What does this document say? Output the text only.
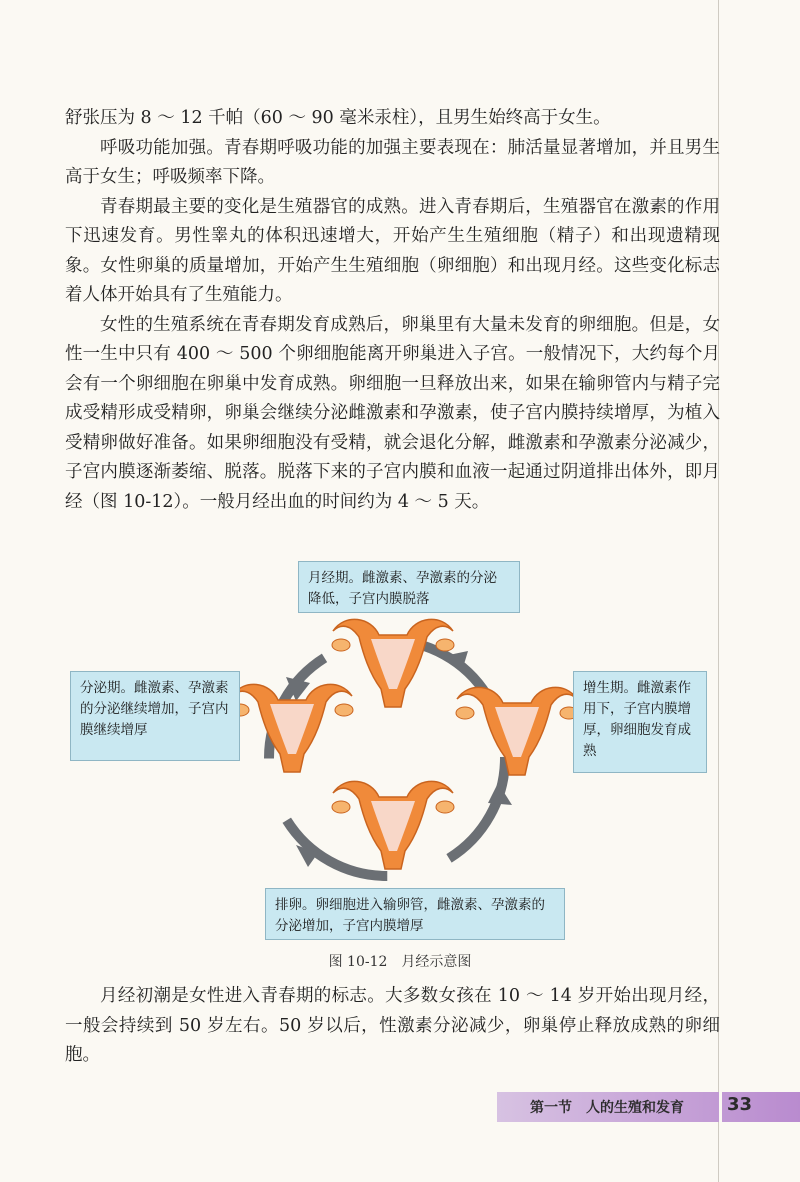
舒张压为 8 ～ 12 千帕（60 ～ 90 毫米汞柱），且男生始终高于女生。

呼吸功能加强。青春期呼吸功能的加强主要表现在：肺活量显著增加，并且男生高于女生；呼吸频率下降。

青春期最主要的变化是生殖器官的成熟。进入青春期后，生殖器官在激素的作用下迅速发育。男性睾丸的体积迅速增大，开始产生生殖细胞（精子）和出现遗精现象。女性卵巢的质量增加，开始产生生殖细胞（卵细胞）和出现月经。这些变化标志着人体开始具有了生殖能力。

女性的生殖系统在青春期发育成熟后，卵巢里有大量未发育的卵细胞。但是，女性一生中只有 400 ～ 500 个卵细胞能离开卵巢进入子宫。一般情况下，大约每个月会有一个卵细胞在卵巢中发育成熟。卵细胞一旦释放出来，如果在输卵管内与精子完成受精形成受精卵，卵巢会继续分泌雌激素和孕激素，使子宫内膜持续增厚，为植入受精卵做好准备。如果卵细胞没有受精，就会退化分解，雌激素和孕激素分泌减少，子宫内膜逐渐萎缩、脱落。脱落下来的子宫内膜和血液一起通过阴道排出体外，即月经（图 10-12）。一般月经出血的时间约为 4 ～ 5 天。

月经期。雌激素、孕激素的分泌降低，子宫内膜脱落
分泌期。雌激素、孕激素的分泌继续增加，子宫内膜继续增厚
增生期。雌激素作用下，子宫内膜增厚，卵细胞发育成熟
排卵。卵细胞进入输卵管，雌激素、孕激素的分泌增加，子宫内膜增厚
图 10-12　月经示意图

月经初潮是女性进入青春期的标志。大多数女孩在 10 ～ 14 岁开始出现月经，一般会持续到 50 岁左右。50 岁以后，性激素分泌减少，卵巢停止释放成熟的卵细胞。

第一节　人的生殖和发育	33
